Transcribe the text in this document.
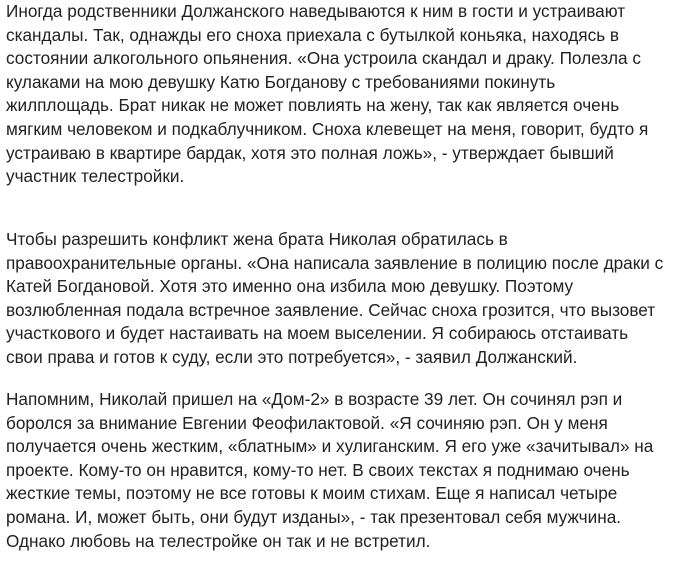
Иногда родственники Должанского наведываются к ним в гости и устраивают
скандалы. Так, однажды его сноха приехала с бутылкой коньяка, находясь в
состоянии алкогольного опьянения. «Она устроила скандал и драку. Полезла с
кулаками на мою девушку Катю Богданову с требованиями покинуть
жилплощадь. Брат никак не может повлиять на жену, так как является очень
мягким человеком и подкаблучником. Сноха клевещет на меня, говорит, будто я
устраиваю в квартире бардак, хотя это полная ложь», - утверждает бывший
участник телестройки.

Чтобы разрешить конфликт жена брата Николая обратилась в
правоохранительные органы. «Она написала заявление в полицию после драки с
Катей Богдановой. Хотя это именно она избила мою девушку. Поэтому
возлюбленная подала встречное заявление. Сейчас сноха грозится, что вызовет
участкового и будет настаивать на моем выселении. Я собираюсь отстаивать
свои права и готов к суду, если это потребуется», - заявил Должанский.

Напомним, Николай пришел на «Дом-2» в возрасте 39 лет. Он сочинял рэп и
боролся за внимание Евгении Феофилактовой. «Я сочиняю рэп. Он у меня
получается очень жестким, «блатным» и хулиганским. Я его уже «зачитывал» на
проекте. Кому-то он нравится, кому-то нет. В своих текстах я поднимаю очень
жесткие темы, поэтому не все готовы к моим стихам. Еще я написал четыре
романа. И, может быть, они будут изданы», - так презентовал себя мужчина.
Однако любовь на телестройке он так и не встретил.
